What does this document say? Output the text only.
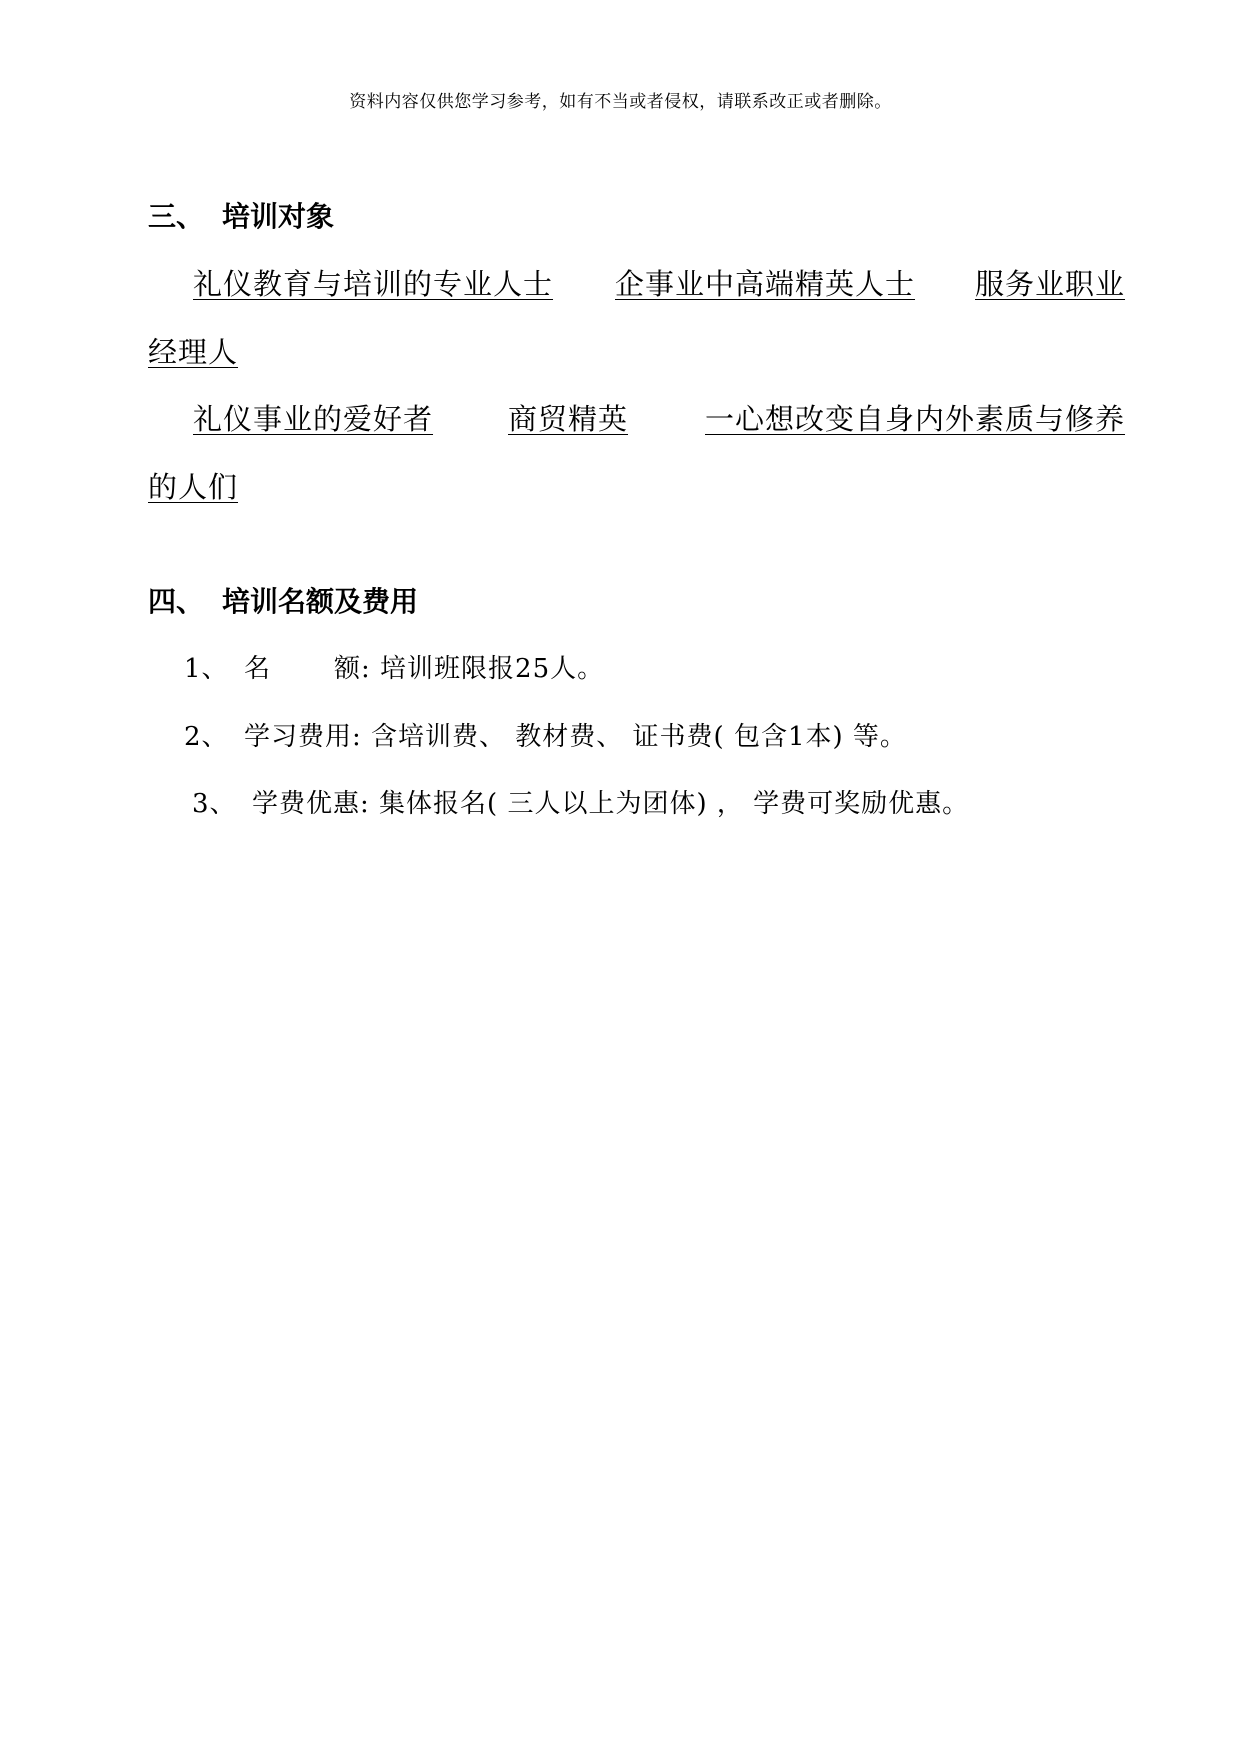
资料内容仅供您学习参考，如有不当或者侵权，请联系改正或者删除。
三、 培训对象
礼仪教育与培训的专业人士 企事业中高端精英人士 服务业职业
经理人
礼仪事业的爱好者	商贸精英	一心想改变自身内外素质与修养
的人们
四、 培训名额及费用
1、 名 额: 培训班限报25人。
2、 学习费用: 含培训费、 教材费、 证书费( 包含1本) 等。
3、 学费优惠: 集体报名( 三人以上为团体) ， 学费可奖励优惠。
